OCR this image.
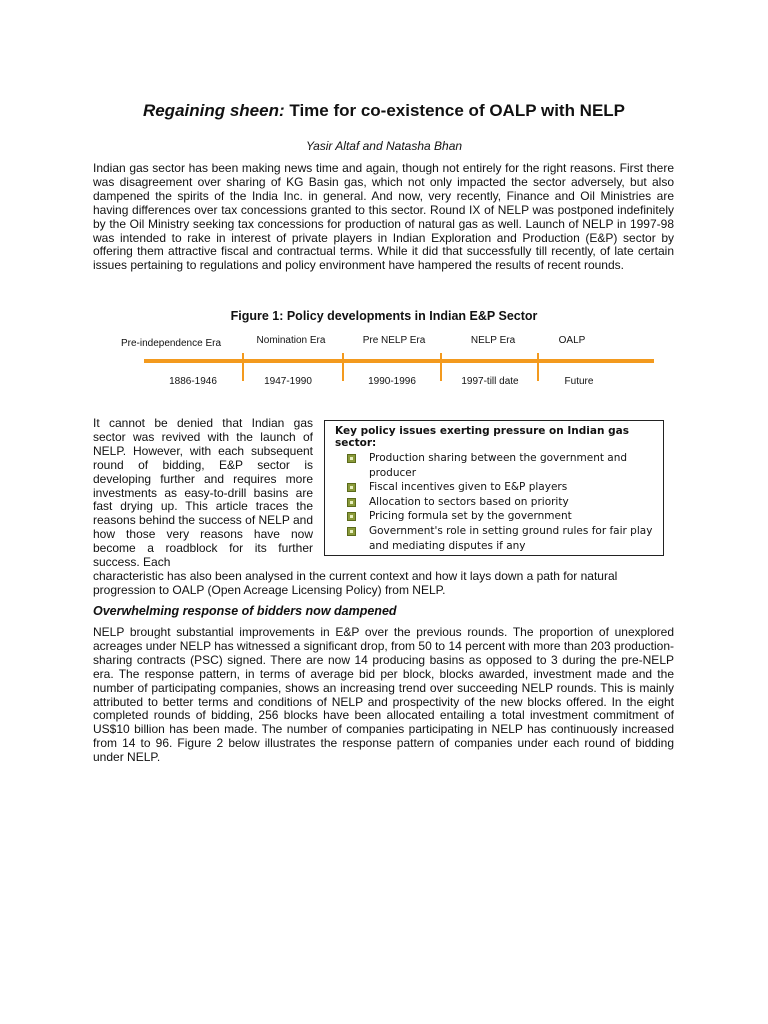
Regaining sheen: Time for co-existence of OALP with NELP
Yasir Altaf and Natasha Bhan

Indian gas sector has been making news time and again, though not entirely for the right reasons. First there was disagreement over sharing of KG Basin gas, which not only impacted the sector adversely, but also dampened the spirits of the India Inc. in general. And now, very recently, Finance and Oil Ministries are having differences over tax concessions granted to this sector. Round IX of NELP was postponed indefinitely by the Oil Ministry seeking tax concessions for production of natural gas as well. Launch of NELP in 1997-98 was intended to rake in interest of private players in Indian Exploration and Production (E&P) sector by offering them attractive fiscal and contractual terms. While it did that successfully till recently, of late certain issues pertaining to regulations and policy environment have hampered the results of recent rounds.

Figure 1: Policy developments in Indian E&P Sector
Pre-independence Era	Nomination Era	Pre NELP Era	NELP Era	OALP
1886-1946	1947-1990	1990-1996	1997-till date	Future

It cannot be denied that Indian gas sector was revived with the launch of NELP. However, with each subsequent round of bidding, E&P sector is developing further and requires more investments as easy-to-drill basins are fast drying up. This article traces the reasons behind the success of NELP and how those very reasons have now become a roadblock for its further success. Each

Key policy issues exerting pressure on Indian gas sector:
Production sharing between the government and producer
Fiscal incentives given to E&P players
Allocation to sectors based on priority
Pricing formula set by the government
Government's role in setting ground rules for fair play and mediating disputes if any

characteristic has also been analysed in the current context and how it lays down a path for natural progression to OALP (Open Acreage Licensing Policy) from NELP.

Overwhelming response of bidders now dampened

NELP brought substantial improvements in E&P over the previous rounds. The proportion of unexplored acreages under NELP has witnessed a significant drop, from 50 to 14 percent with more than 203 production-sharing contracts (PSC) signed. There are now 14 producing basins as opposed to 3 during the pre-NELP era. The response pattern, in terms of average bid per block, blocks awarded, investment made and the number of participating companies, shows an increasing trend over succeeding NELP rounds. This is mainly attributed to better terms and conditions of NELP and prospectivity of the new blocks offered. In the eight completed rounds of bidding, 256 blocks have been allocated entailing a total investment commitment of US$10 billion has been made. The number of companies participating in NELP has continuously increased from 14 to 96. Figure 2 below illustrates the response pattern of companies under each round of bidding under NELP.
